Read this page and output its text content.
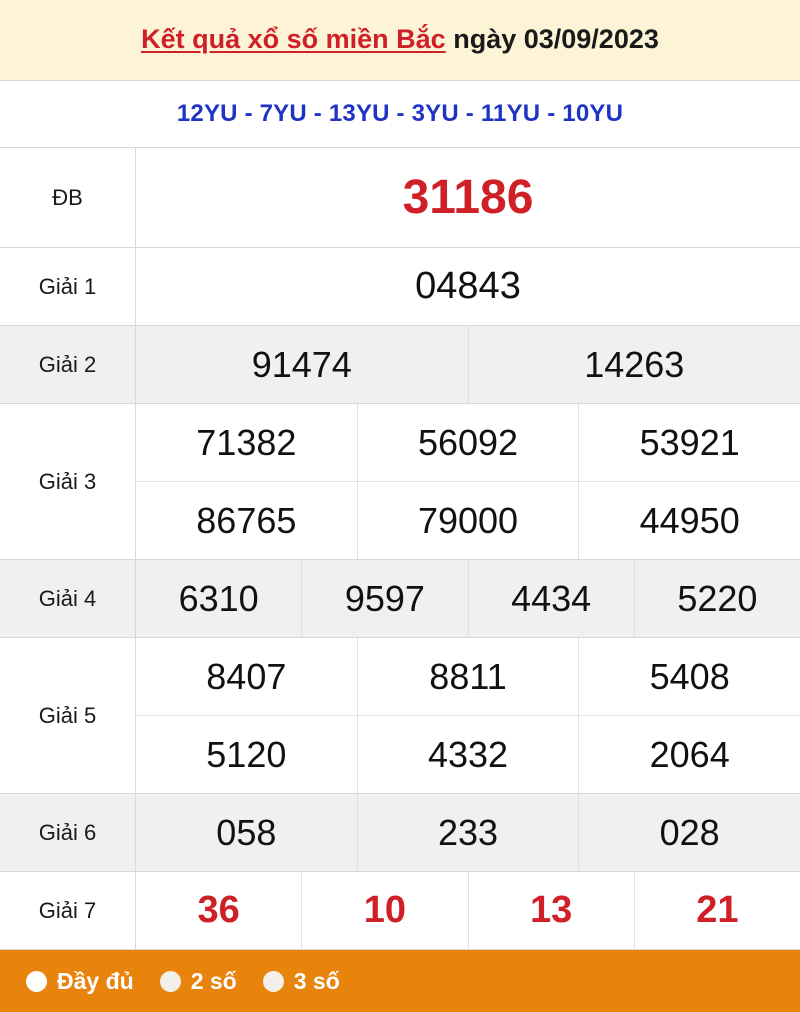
Kết quả xổ số miền Bắc ngày 03/09/2023
12YU - 7YU - 13YU - 3YU - 11YU - 10YU
ĐB	31186
Giải 1	04843
Giải 2	91474	14263
Giải 3
71382	56092	53921
86765	79000	44950
Giải 4	6310	9597	4434	5220
Giải 5
8407	8811	5408
5120	4332	2064
Giải 6	058	233	028
Giải 7	36	10	13	21
Đầy đủ 2 số 3 số
